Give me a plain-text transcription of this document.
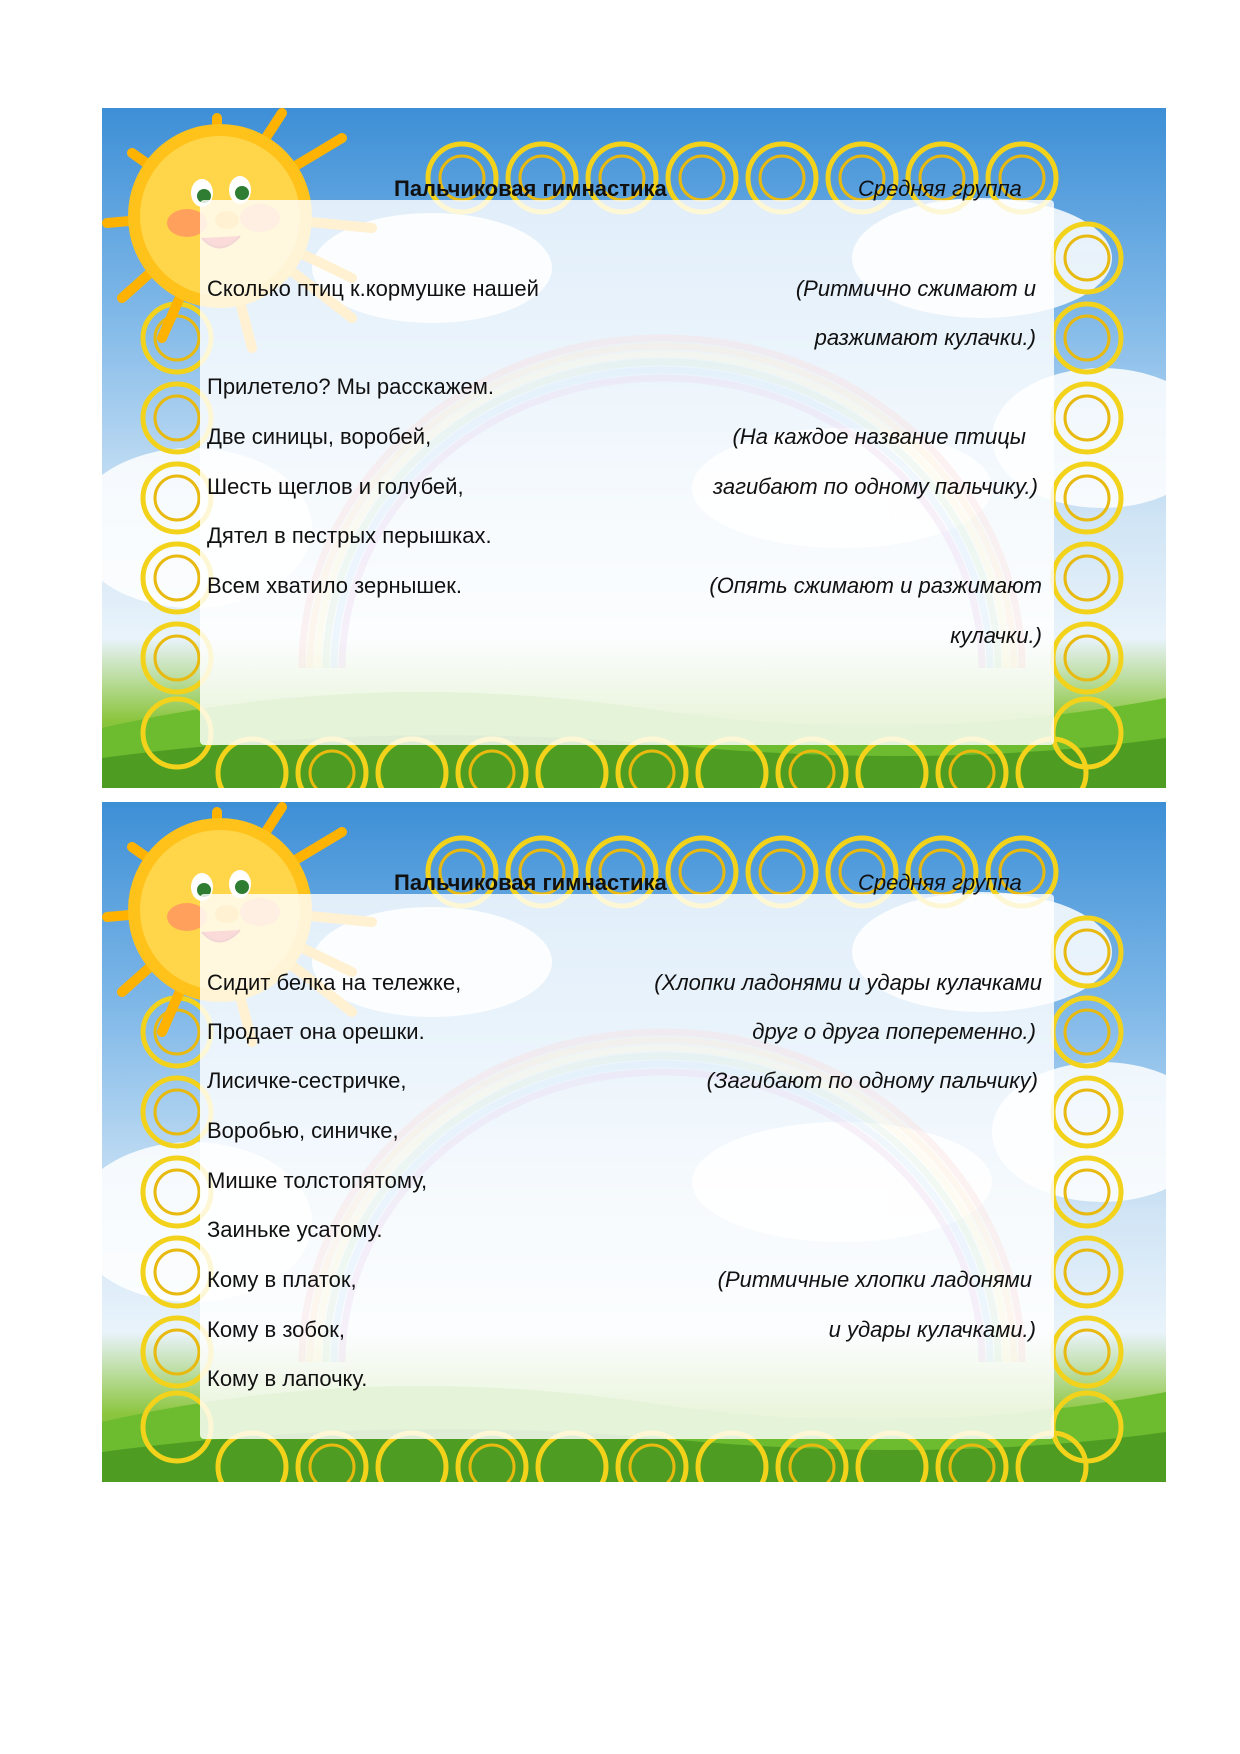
Пальчиковая гимнастика	Средняя группа
Сколько птиц к.кормушке нашей
Прилетело? Мы расскажем.
Две синицы, воробей,
Шесть щеглов и голубей,
Дятел в пестрых перышках.
Всем хватило зернышек.
(Ритмично сжимают и
разжимают кулачки.)
(На каждое название птицы
загибают по одному пальчику.)
(Опять сжимают и разжимают
кулачки.)
Пальчиковая гимнастика	Средняя группа
Сидит белка на тележке,
Продает она орешки.
Лисичке-сестричке,
Воробью, синичке,
Мишке толстопятому,
Заиньке усатому.
Кому в платок,
Кому в зобок,
Кому в лапочку.
(Хлопки ладонями и удары кулачками
друг о друга попеременно.)
(Загибают по одному пальчику)
(Ритмичные хлопки ладонями
и удары кулачками.)
